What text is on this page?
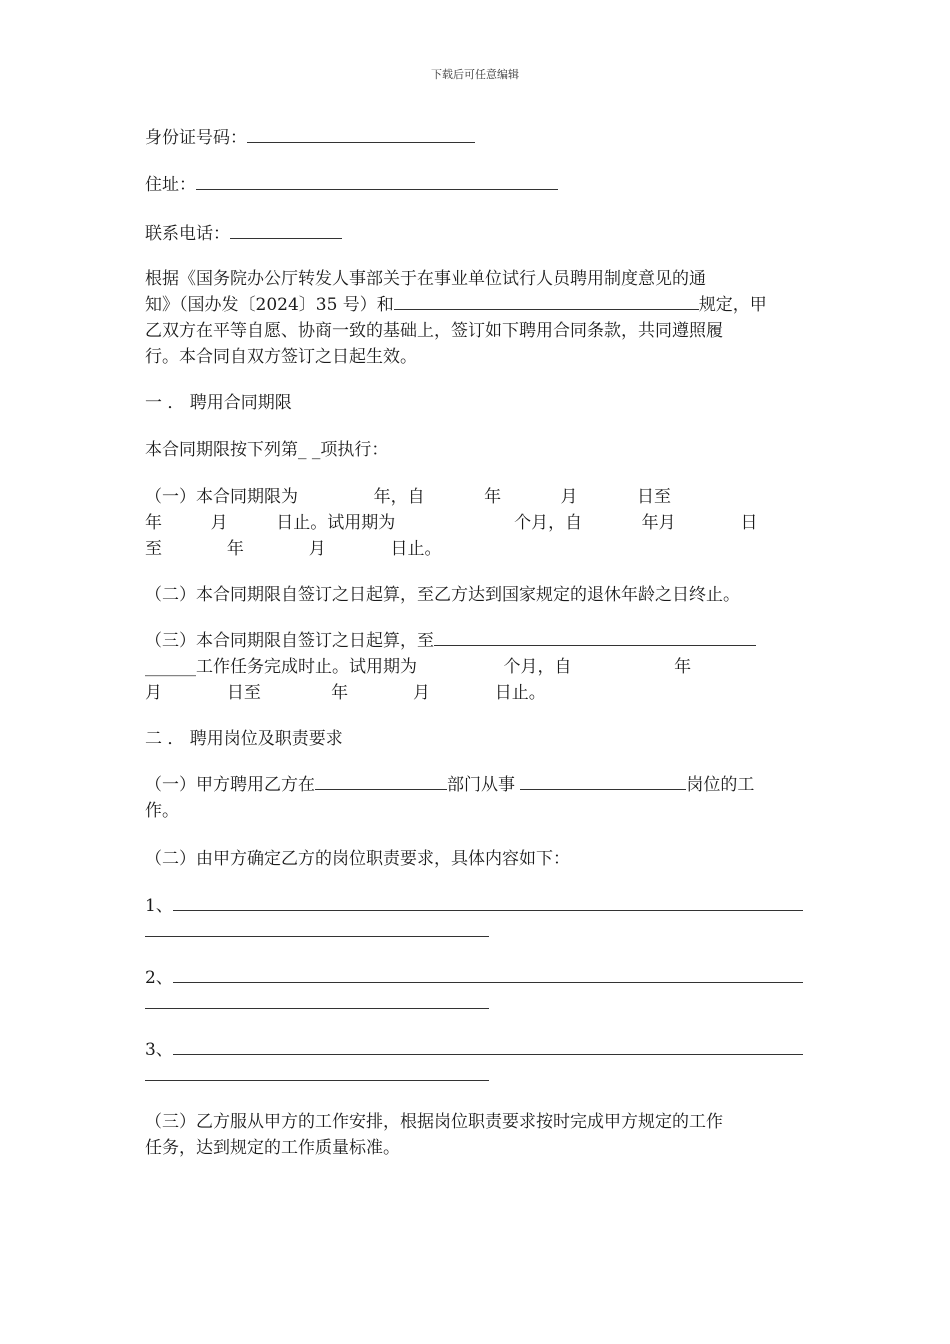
下载后可任意编辑
身份证号码：
住址：
联系电话：
根据《国务院办公厅转发人事部关于在事业单位试行人员聘用制度意见的通
知》（国办发〔2024〕35 号）和	规定，甲
乙双方在平等自愿、协商一致的基础上，签订如下聘用合同条款，共同遵照履
行。本合同自双方签订之日起生效。
一 ． 聘用合同期限
本合同期限按下列第_ _项执行：
（一）本合同期限为              年，自           年           月           日至
年         月         日止。试用期为                      个月，自           年月            日
至            年            月            日止。
（二）本合同期限自签订之日起算，至乙方达到国家规定的退休年龄之日终止。
（三）本合同期限自签订之日起算，至
______工作任务完成时止。试用期为                个月，自                   年
月            日至             年            月            日止。
二 ． 聘用岗位及职责要求
（一）甲方聘用乙方在	部门从事	岗位的工
作。
（二）由甲方确定乙方的岗位职责要求，具体内容如下：
1、
2、
3、
（三）乙方服从甲方的工作安排，根据岗位职责要求按时完成甲方规定的工作
任务，达到规定的工作质量标准。
